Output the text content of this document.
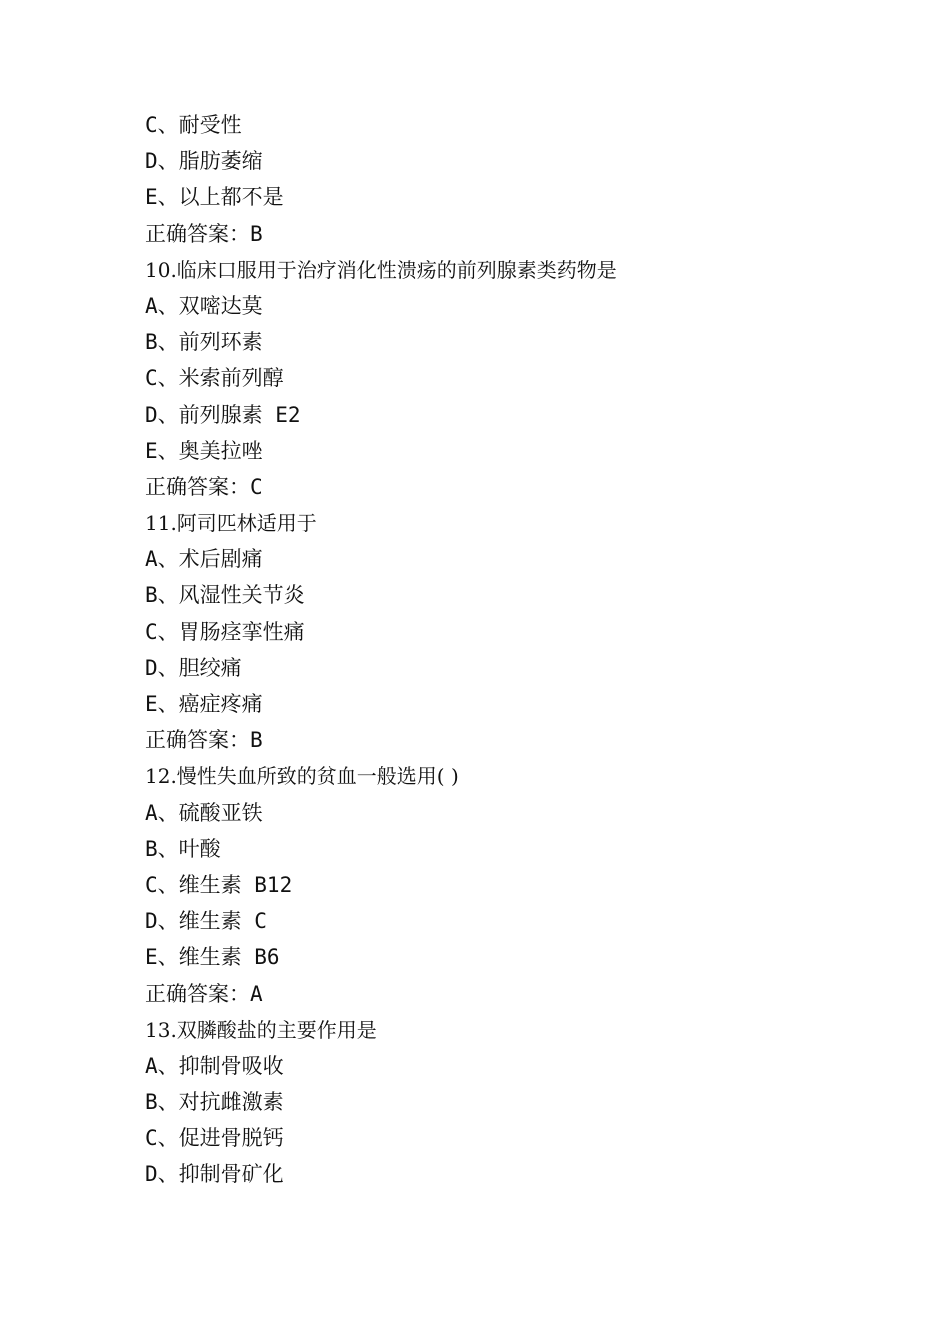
C、耐受性
D、脂肪萎缩
E、以上都不是
正确答案：B
10.临床口服用于治疗消化性溃疡的前列腺素类药物是
A、双嘧达莫
B、前列环素
C、米索前列醇
D、前列腺素 E2
E、奥美拉唑
正确答案：C
11.阿司匹林适用于
A、术后剧痛
B、风湿性关节炎
C、胃肠痉挛性痛
D、胆绞痛
E、癌症疼痛
正确答案：B
12.慢性失血所致的贫血一般选用( )
A、硫酸亚铁
B、叶酸
C、维生素 B12
D、维生素 C
E、维生素 B6
正确答案：A
13.双膦酸盐的主要作用是
A、抑制骨吸收
B、对抗雌激素
C、促进骨脱钙
D、抑制骨矿化
